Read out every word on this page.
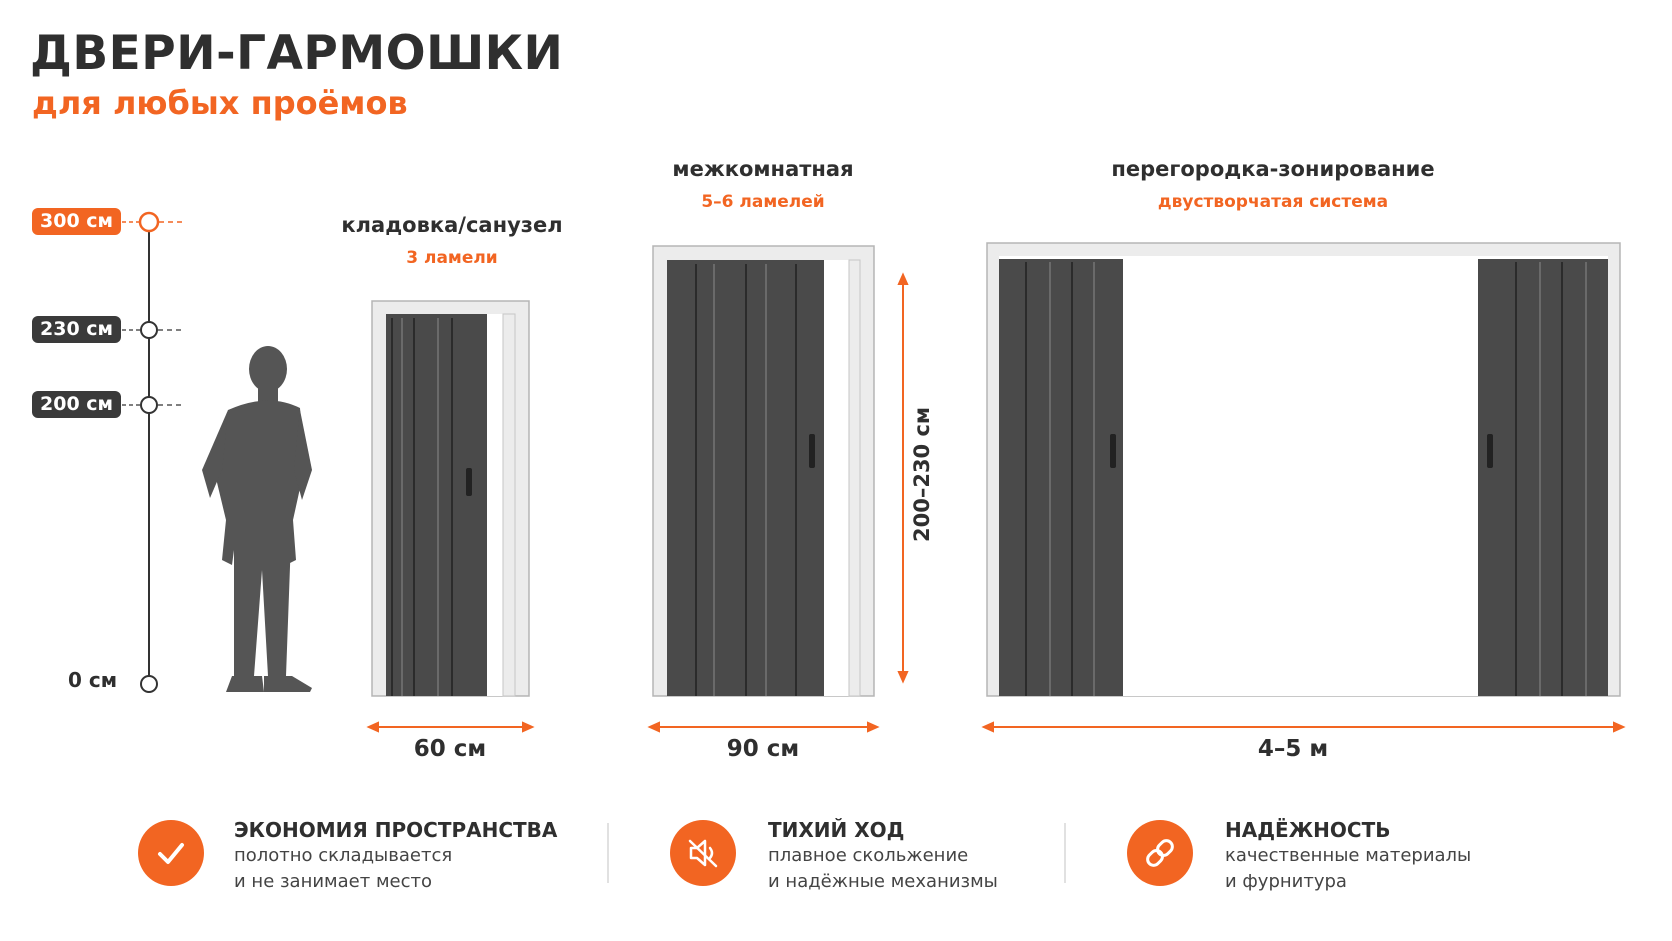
ДВЕРИ-ГАРМОШКИ
для любых проёмов
300 см
230 см
200 см
0 см
кладовка/санузел
3 ламели
межкомнатная
5–6 ламелей
перегородка-зонирование
двустворчатая система
200–230 см
60 см	90 см	4–5 м
ЭКОНОМИЯ ПРОСТРАНСТВА
полотно складывается
и не занимает место
ТИХИЙ ХОД
плавное скольжение
и надёжные механизмы
НАДЁЖНОСТЬ
качественные материалы
и фурнитура
